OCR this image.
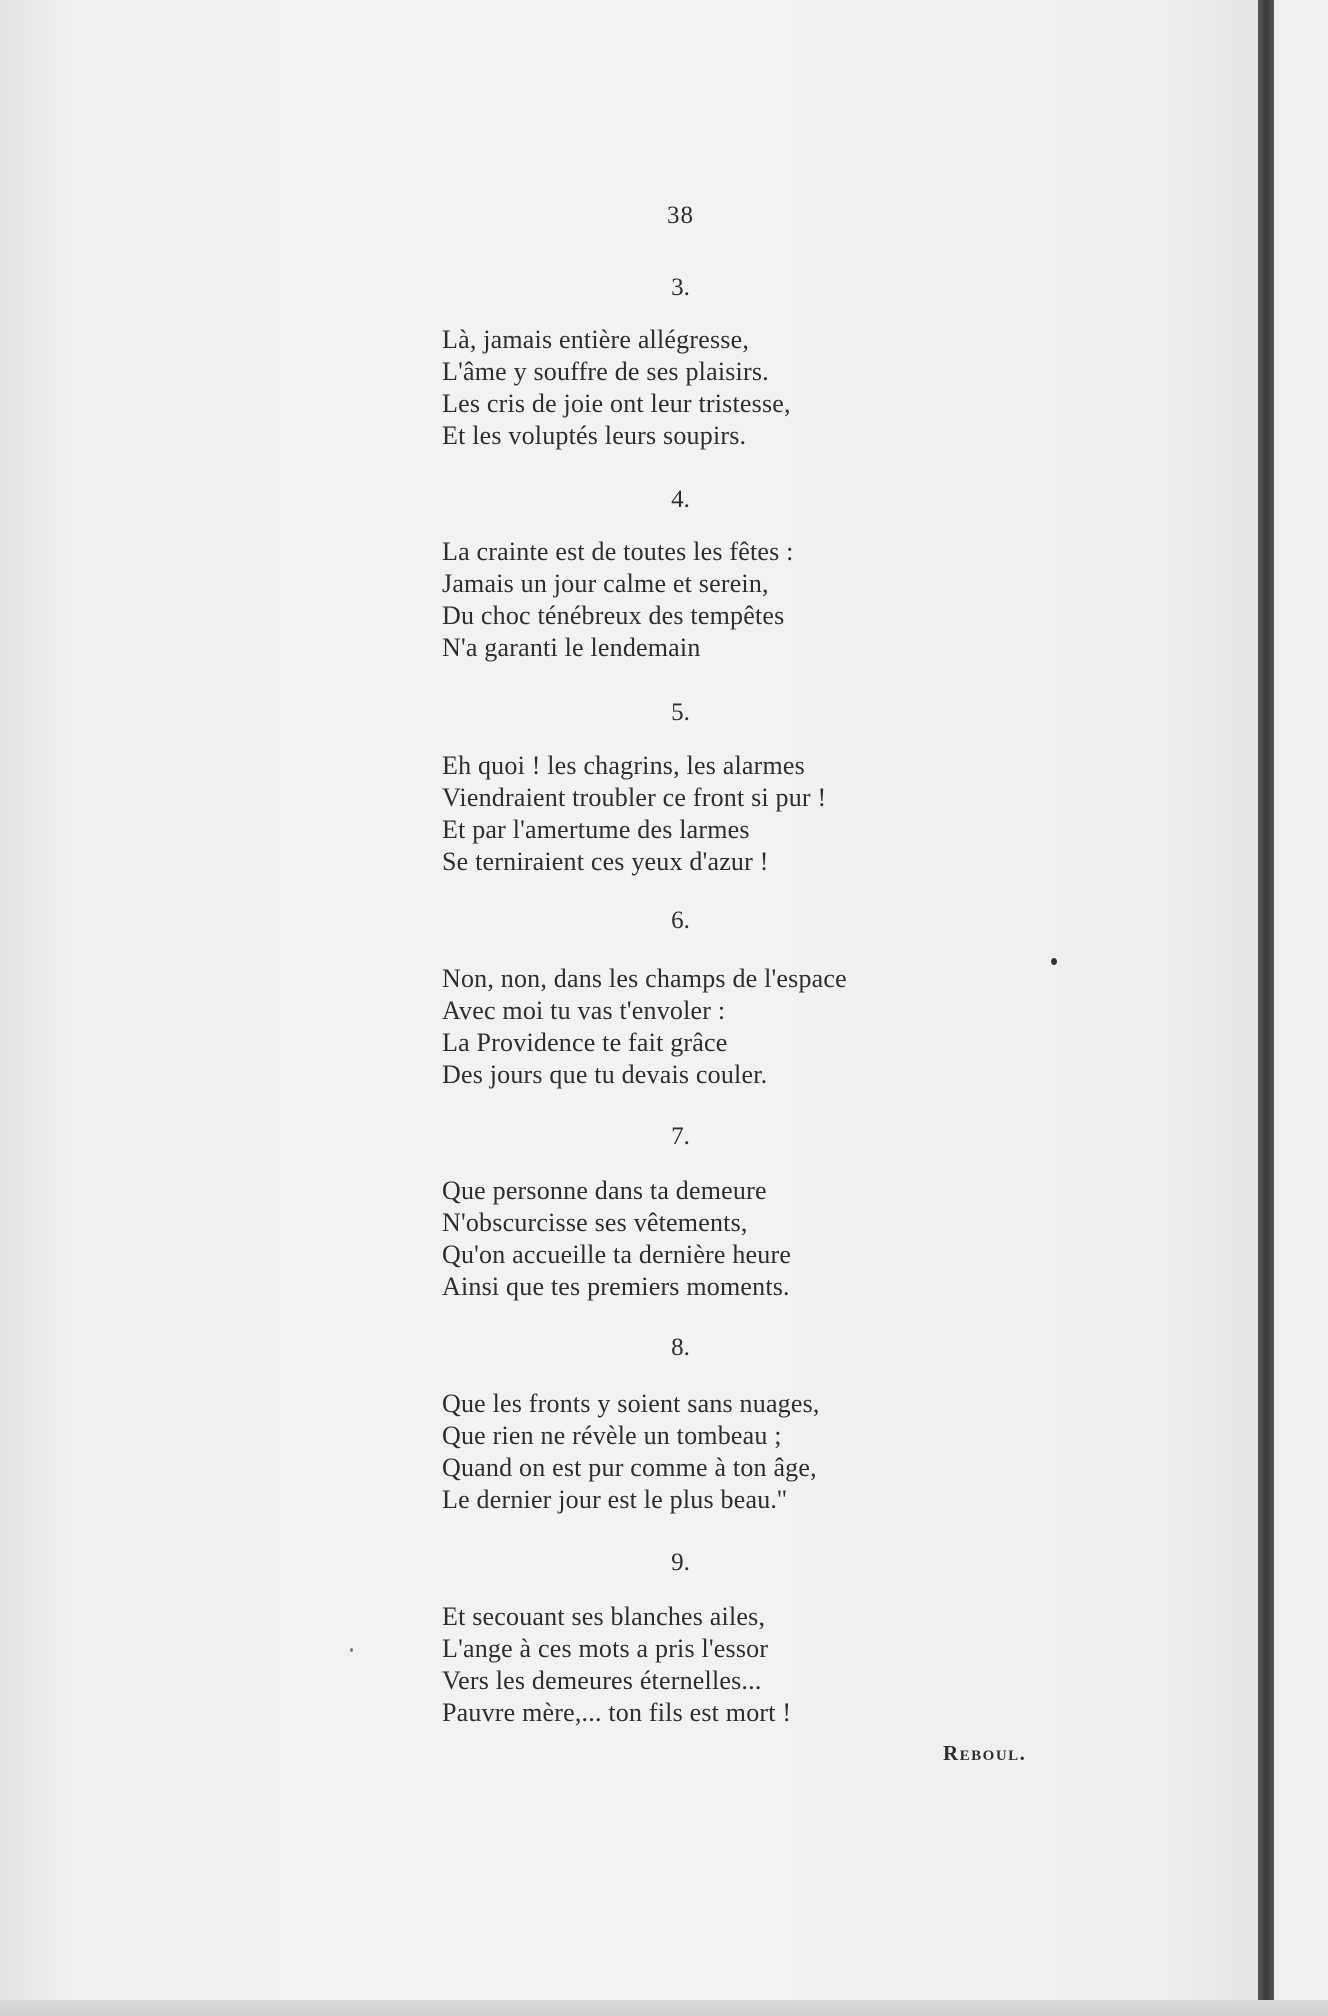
38
3.
Là, jamais entière allégresse,
L'âme y souffre de ses plaisirs.
Les cris de joie ont leur tristesse,
Et les voluptés leurs soupirs.
4.
La crainte est de toutes les fêtes :
Jamais un jour calme et serein,
Du choc ténébreux des tempêtes
N'a garanti le lendemain
5.
Eh quoi ! les chagrins, les alarmes
Viendraient troubler ce front si pur !
Et par l'amertume des larmes
Se terniraient ces yeux d'azur !
6.
Non, non, dans les champs de l'espace
Avec moi tu vas t'envoler :
La Providence te fait grâce
Des jours que tu devais couler.
7.
Que personne dans ta demeure
N'obscurcisse ses vêtements,
Qu'on accueille ta dernière heure
Ainsi que tes premiers moments.
8.
Que les fronts y soient sans nuages,
Que rien ne révèle un tombeau ;
Quand on est pur comme à ton âge,
Le dernier jour est le plus beau.''
9.
Et secouant ses blanches ailes,
L'ange à ces mots a pris l'essor
Vers les demeures éternelles...
Pauvre mère,... ton fils est mort !
Reboul.
